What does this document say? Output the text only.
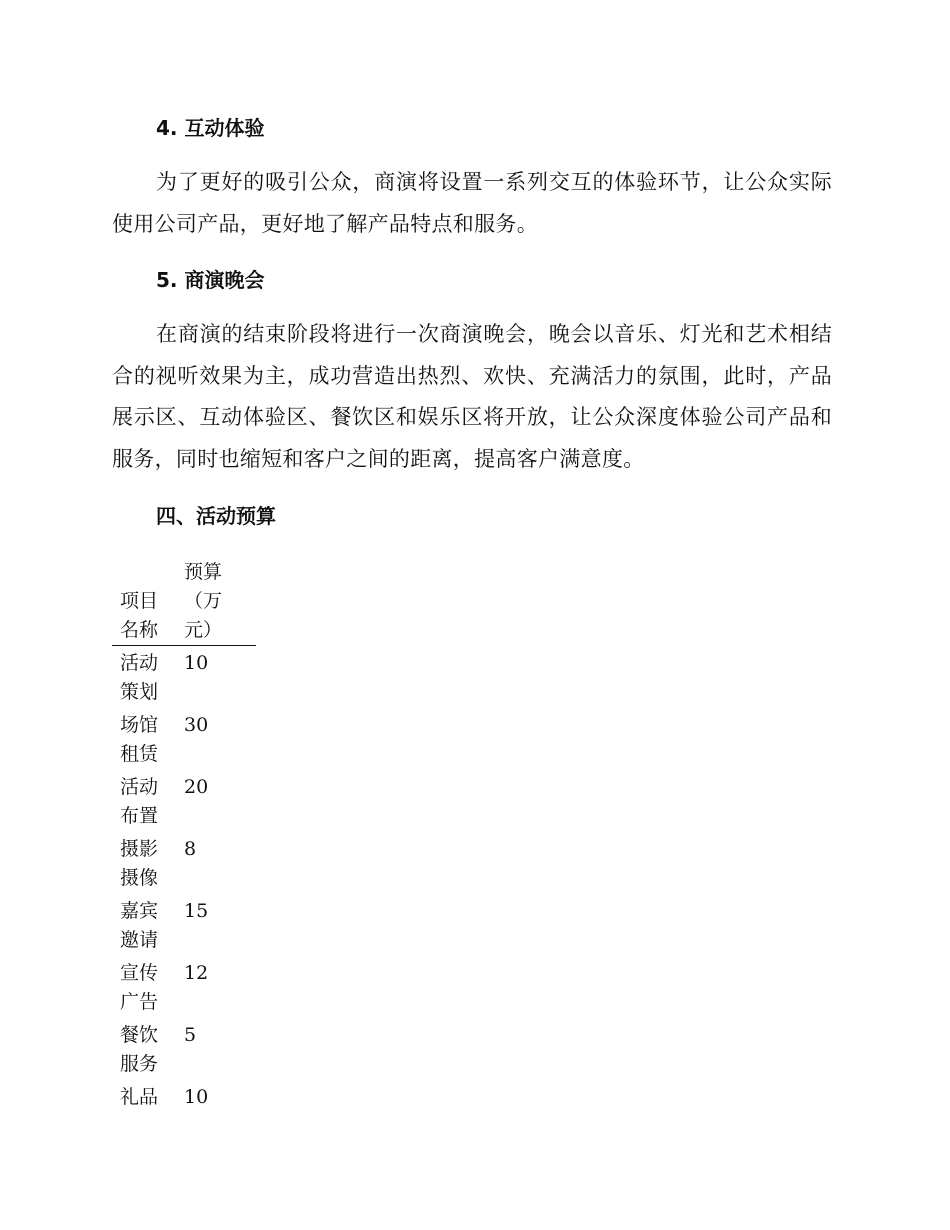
4. 互动体验
为了更好的吸引公众，商演将设置一系列交互的体验环节，让公众实际使用公司产品，更好地了解产品特点和服务。
5. 商演晚会
在商演的结束阶段将进行一次商演晚会，晚会以音乐、灯光和艺术相结合的视听效果为主，成功营造出热烈、欢快、充满活力的氛围，此时，产品展示区、互动体验区、餐饮区和娱乐区将开放，让公众深度体验公司产品和服务，同时也缩短和客户之间的距离，提高客户满意度。
四、活动预算
项目名称	预算（万元）

活动策划	10

场馆租赁	30

活动布置	20

摄影摄像	8

嘉宾邀请	15

宣传广告	12

餐饮服务	5

礼品	10
